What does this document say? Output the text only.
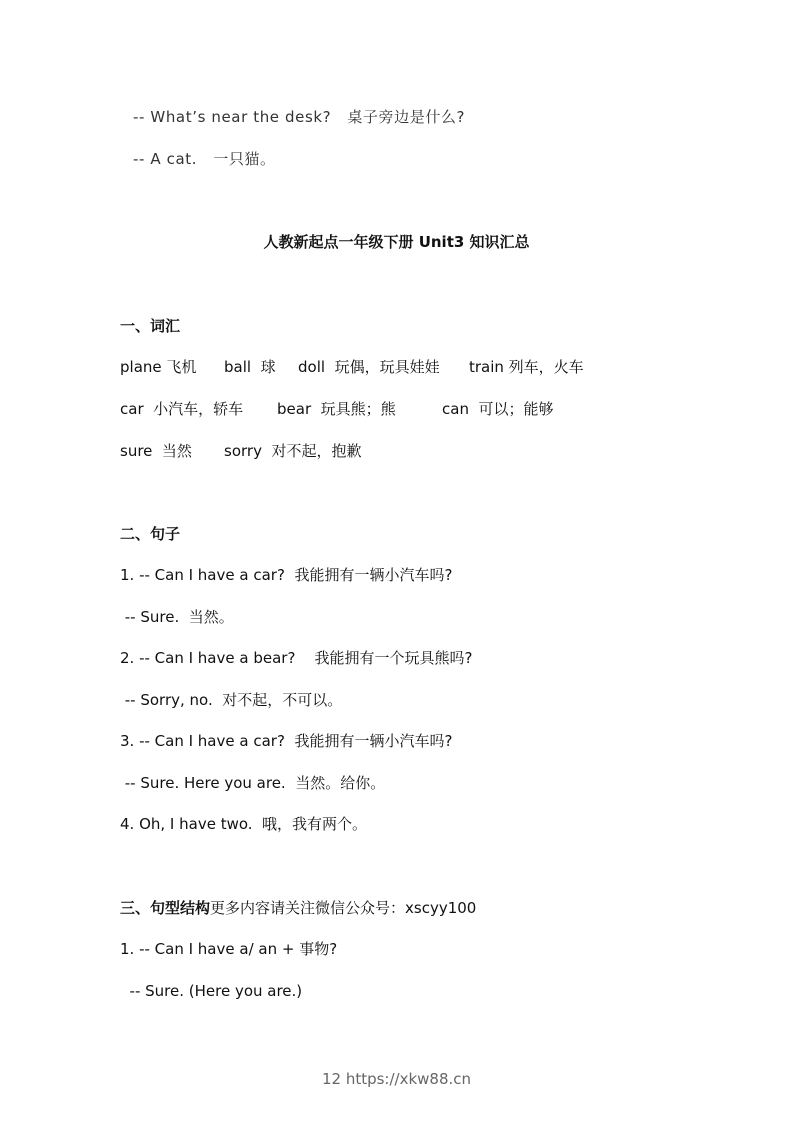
-- What’s near the desk?   桌子旁边是什么?
-- A cat.   一只猫。
人教新起点一年级下册 Unit3 知识汇总
一、词汇
plane 飞机 ball  球 doll  玩偶，玩具娃娃 train 列车，火车
car  小汽车，轿车 bear  玩具熊；熊	can  可以；能够
sure  当然 sorry  对不起，抱歉
二、句子
1. -- Can I have a car?  我能拥有一辆小汽车吗?
-- Sure.  当然。
2. -- Can I have a bear?    我能拥有一个玩具熊吗?
-- Sorry, no.  对不起，不可以。
3. -- Can I have a car?  我能拥有一辆小汽车吗?
-- Sure. Here you are.  当然。给你。
4. Oh, I have two.  哦，我有两个。
三、句型结构更多内容请关注微信公众号：xscyy100
1. -- Can I have a/ an + 事物?
-- Sure. (Here you are.)
12 https://xkw88.cn
